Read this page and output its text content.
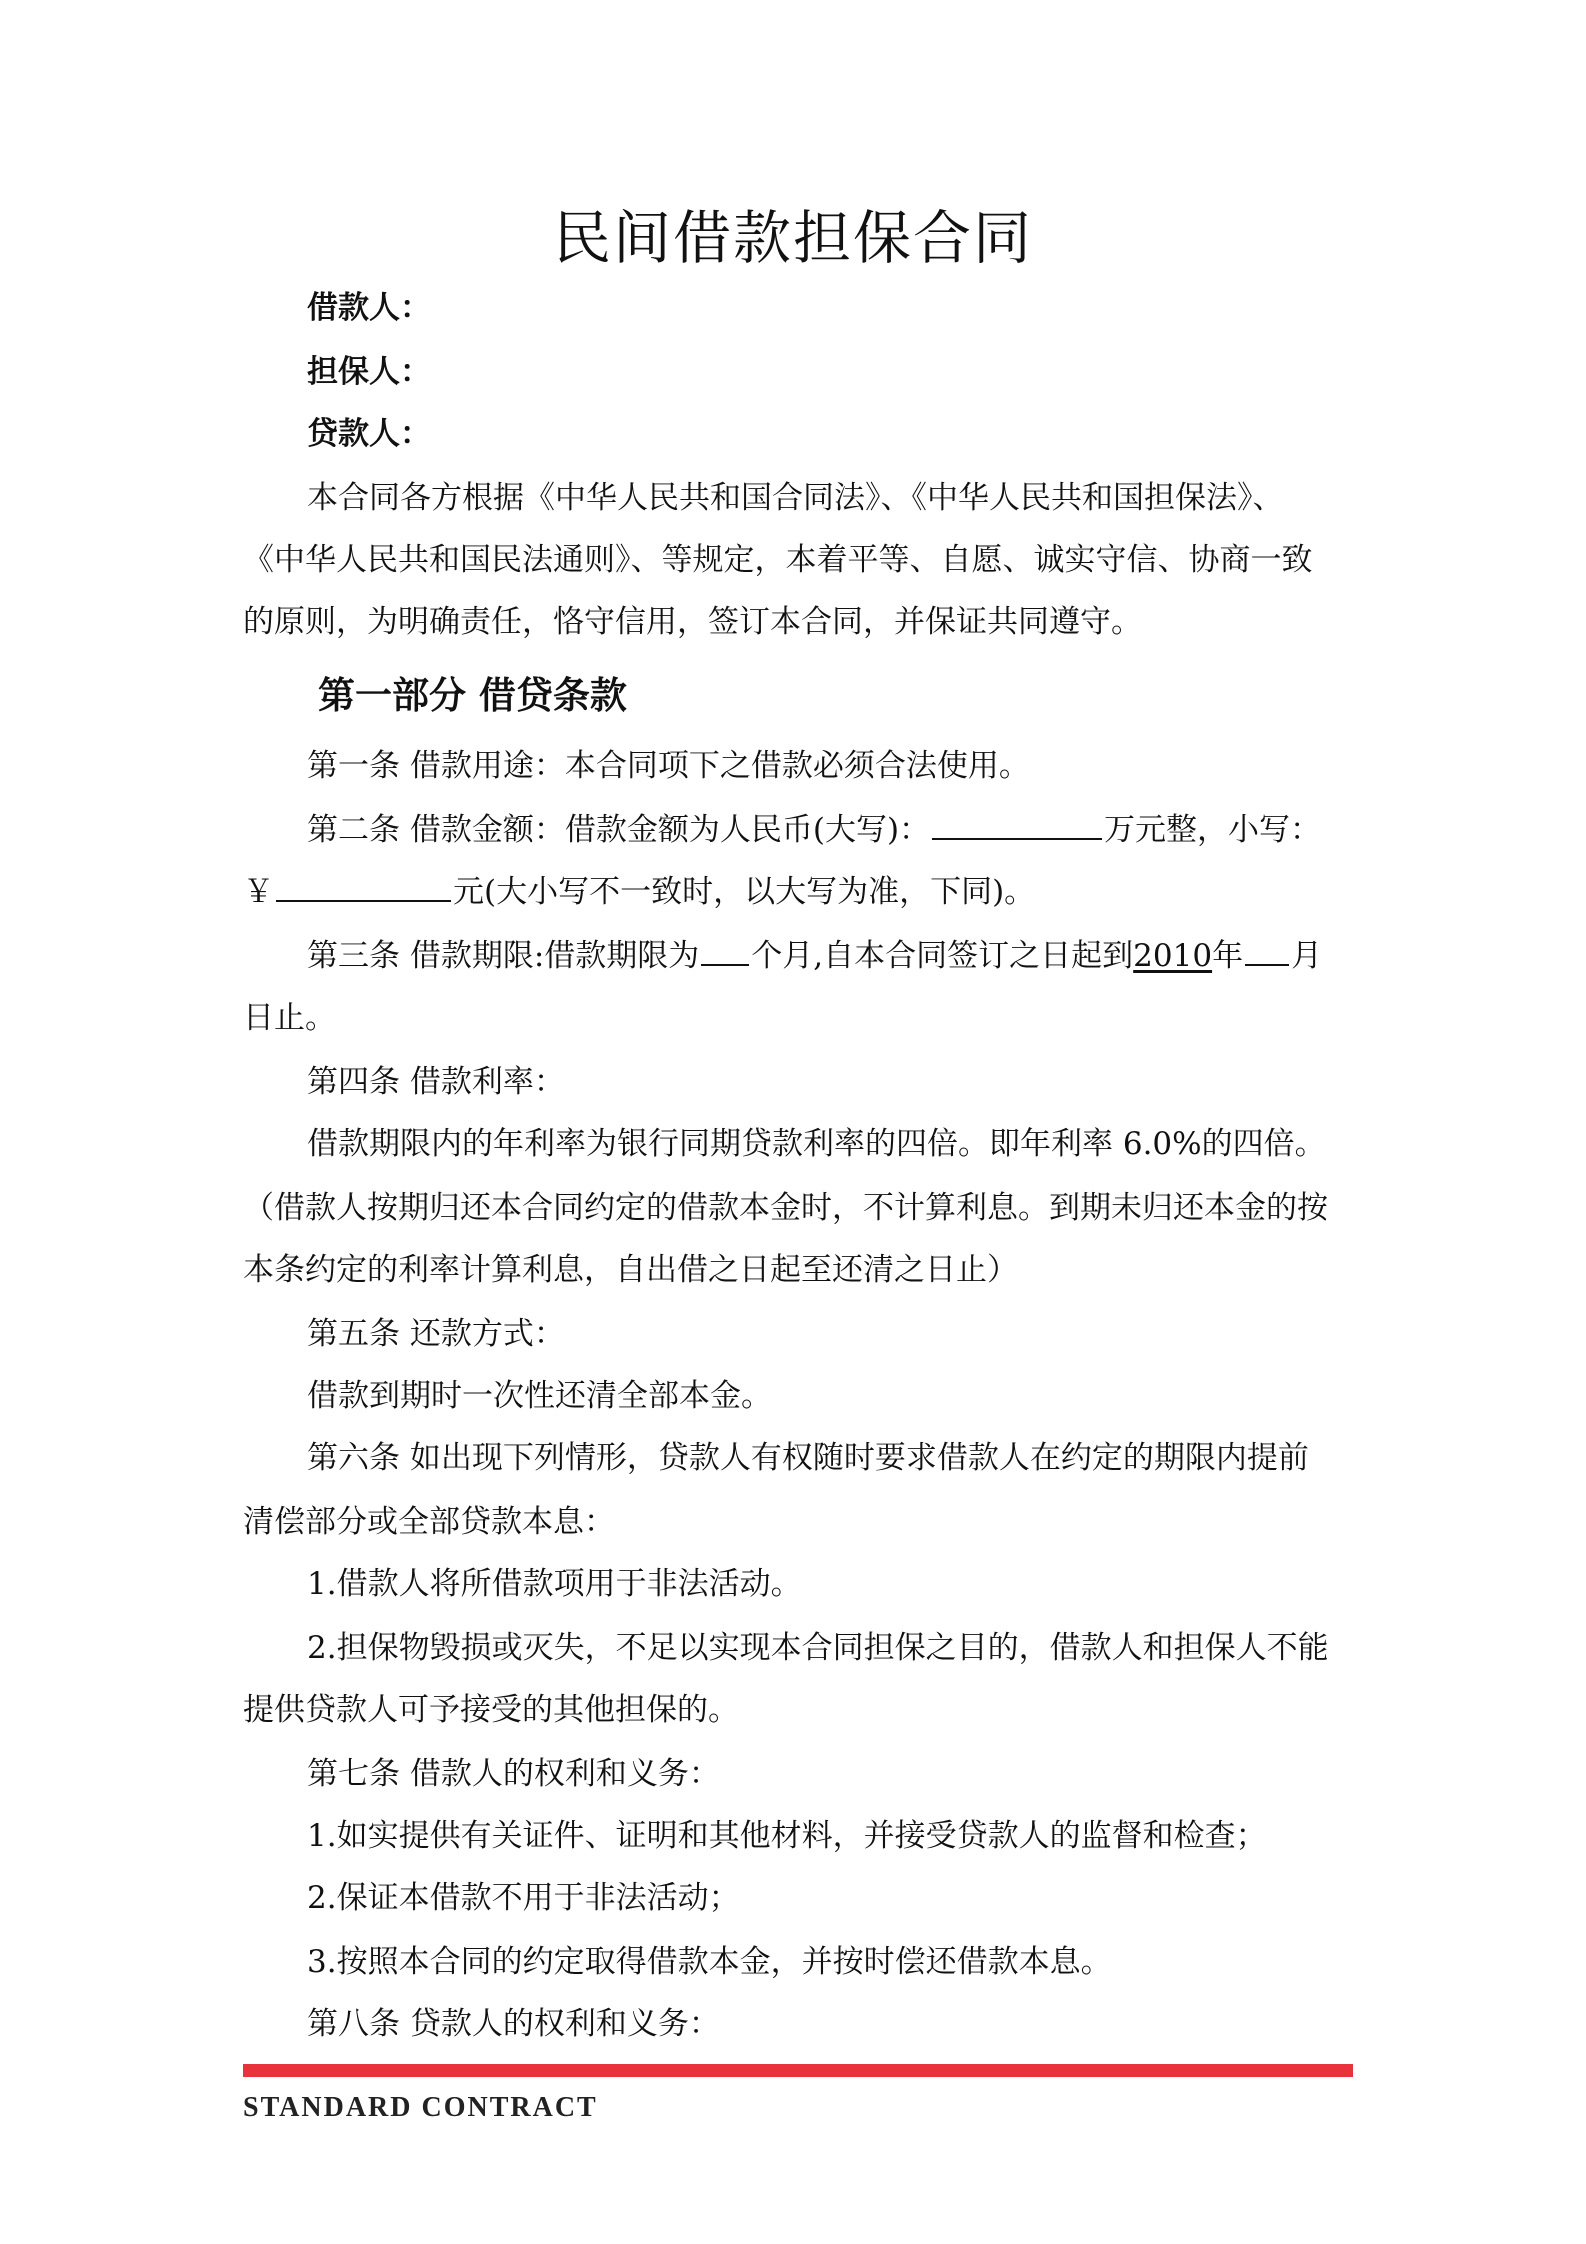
民间借款担保合同

借款人：

担保人：

贷款人：

本合同各方根据《中华人民共和国合同法》、《中华人民共和国担保法》、

《中华人民共和国民法通则》、等规定，本着平等、自愿、诚实守信、协商一致

的原则，为明确责任，恪守信用，签订本合同，并保证共同遵守。

第一部分 借贷条款

第一条 借款用途：本合同项下之借款必须合法使用。

第二条 借款金额：借款金额为人民币(大写)：	万元整，小写：

￥	元(大小写不一致时，以大写为准，下同)。

第三条 借款期限:借款期限为 个月,自本合同签订之日起到2010年 月

日止。

第四条 借款利率：

借款期限内的年利率为银行同期贷款利率的四倍。即年利率 6.0%的四倍。

（借款人按期归还本合同约定的借款本金时，不计算利息。到期未归还本金的按

本条约定的利率计算利息，自出借之日起至还清之日止）

第五条 还款方式：

借款到期时一次性还清全部本金。

第六条 如出现下列情形，贷款人有权随时要求借款人在约定的期限内提前

清偿部分或全部贷款本息：

1.借款人将所借款项用于非法活动。

2.担保物毁损或灭失，不足以实现本合同担保之目的，借款人和担保人不能

提供贷款人可予接受的其他担保的。

第七条 借款人的权利和义务：

1.如实提供有关证件、证明和其他材料，并接受贷款人的监督和检查；

2.保证本借款不用于非法活动；

3.按照本合同的约定取得借款本金，并按时偿还借款本息。

第八条 贷款人的权利和义务：

STANDARD CONTRACT
